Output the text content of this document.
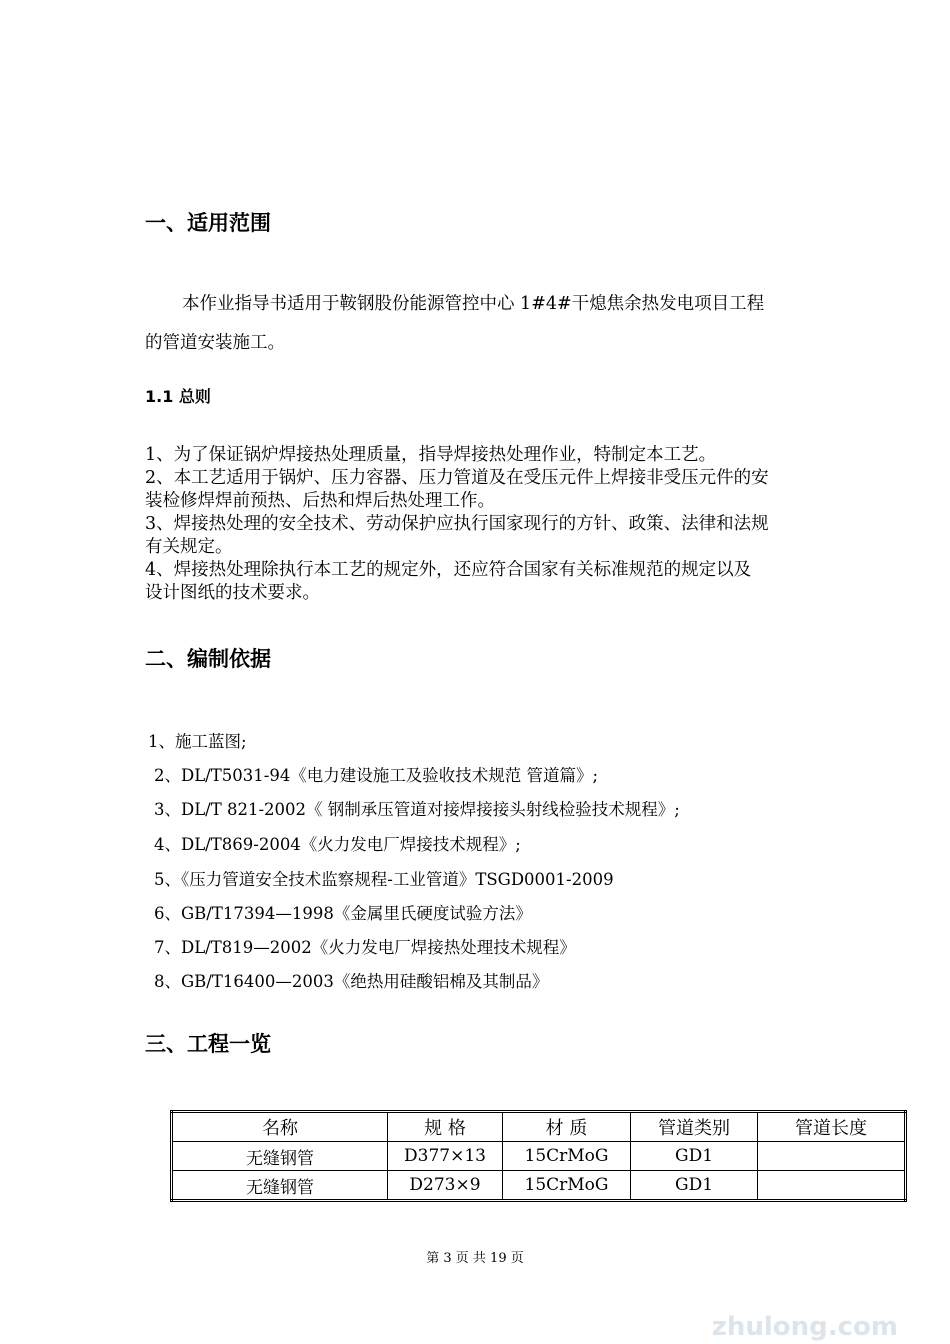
一、适用范围
本作业指导书适用于鞍钢股份能源管控中心 1#4#干熄焦余热发电项目工程
的管道安装施工。
1.1 总则
1、为了保证锅炉焊接热处理质量，指导焊接热处理作业，特制定本工艺。
2、本工艺适用于锅炉、压力容器、压力管道及在受压元件上焊接非受压元件的安
装检修焊焊前预热、后热和焊后热处理工作。
3、焊接热处理的安全技术、劳动保护应执行国家现行的方针、政策、法律和法规
有关规定。
4、焊接热处理除执行本工艺的规定外，还应符合国家有关标准规范的规定以及
设计图纸的技术要求。
二、编制依据
1、施工蓝图;
2、DL/T5031-94《电力建设施工及验收技术规范 管道篇》;
3、DL/T 821-2002《 钢制承压管道对接焊接接头射线检验技术规程》;
4、DL/T869-2004《火力发电厂焊接技术规程》;
5、《压力管道安全技术监察规程-工业管道》TSGD0001-2009
6、GB/T17394—1998《金属里氏硬度试验方法》
7、DL/T819—2002《火力发电厂焊接热处理技术规程》
8、GB/T16400—2003《绝热用硅酸铝棉及其制品》
三、工程一览
名称	规 格	材 质	管道类别	管道长度
无缝钢管	D377×13	15CrMoG	GD1	
无缝钢管	D273×9	15CrMoG	GD1	
第 3 页 共 19 页
zhulong.com
